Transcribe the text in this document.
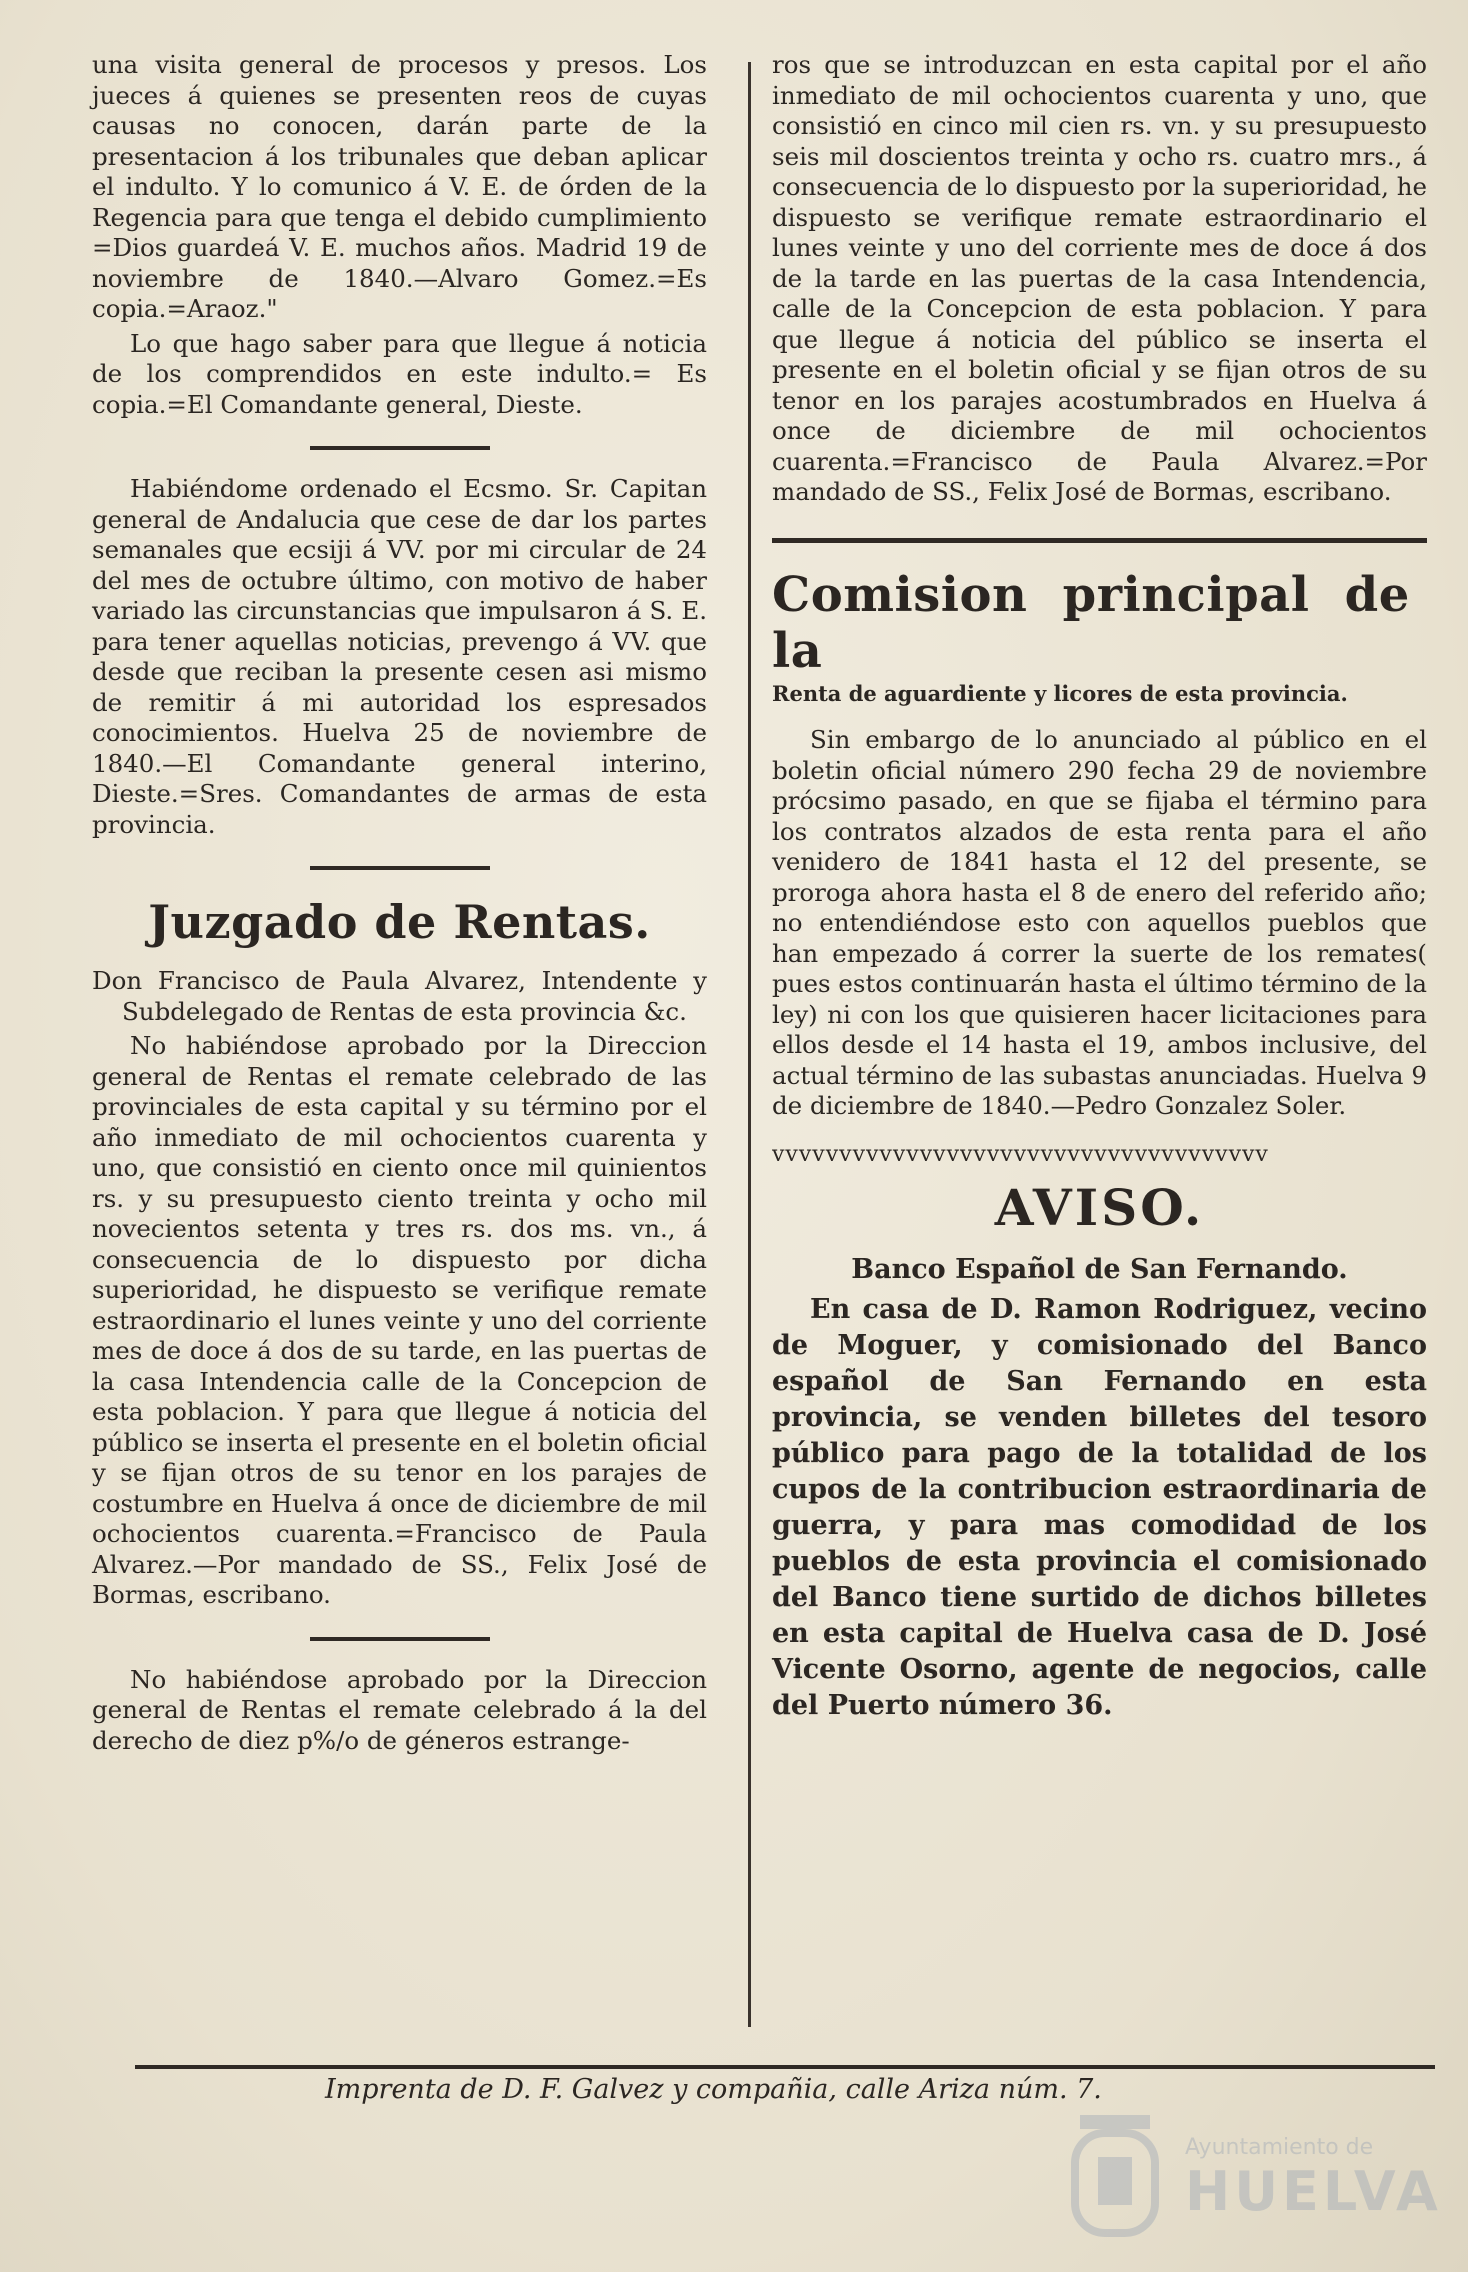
una visita general de procesos y presos. Los jueces á quienes se presenten reos de cuyas causas no conocen, darán parte de la presentacion á los tribunales que deban aplicar el indulto. Y lo comunico á V. E. de órden de la Regencia para que tenga el debido cumplimiento =Dios guardeá V. E. muchos años. Madrid 19 de noviembre de 1840.—Alvaro Gomez.=Es copia.=Araoz."

Lo que hago saber para que llegue á noticia de los comprendidos en este indulto.= Es copia.=El Comandante general, Dieste.

Habiéndome ordenado el Ecsmo. Sr. Capitan general de Andalucia que cese de dar los partes semanales que ecsiji á VV. por mi circular de 24 del mes de octubre último, con motivo de haber variado las circunstancias que impulsaron á S. E. para tener aquellas noticias, prevengo á VV. que desde que reciban la presente cesen asi mismo de remitir á mi autoridad los espresados conocimientos. Huelva 25 de noviembre de 1840.—El Comandante general interino, Dieste.=Sres. Comandantes de armas de esta provincia.

Juzgado de Rentas.

Don Francisco de Paula Alvarez, Intendente y Subdelegado de Rentas de esta provincia &c.

No habiéndose aprobado por la Direccion general de Rentas el remate celebrado de las provinciales de esta capital y su término por el año inmediato de mil ochocientos cuarenta y uno, que consistió en ciento once mil quinientos rs. y su presupuesto ciento treinta y ocho mil novecientos setenta y tres rs. dos ms. vn., á consecuencia de lo dispuesto por dicha superioridad, he dispuesto se verifique remate estraordinario el lunes veinte y uno del corriente mes de doce á dos de su tarde, en las puertas de la casa Intendencia calle de la Concepcion de esta poblacion. Y para que llegue á noticia del público se inserta el presente en el boletin oficial y se fijan otros de su tenor en los parajes de costumbre en Huelva á once de diciembre de mil ochocientos cuarenta.=Francisco de Paula Alvarez.—Por mandado de SS., Felix José de Bormas, escribano.

No habiéndose aprobado por la Direccion general de Rentas el remate celebrado á la del derecho de diez p%/o de géneros estrange-

ros que se introduzcan en esta capital por el año inmediato de mil ochocientos cuarenta y uno, que consistió en cinco mil cien rs. vn. y su presupuesto seis mil doscientos treinta y ocho rs. cuatro mrs., á consecuencia de lo dispuesto por la superioridad, he dispuesto se verifique remate estraordinario el lunes veinte y uno del corriente mes de doce á dos de la tarde en las puertas de la casa Intendencia, calle de la Concepcion de esta poblacion. Y para que llegue á noticia del público se inserta el presente en el boletin oficial y se fijan otros de su tenor en los parajes acostumbrados en Huelva á once de diciembre de mil ochocientos cuarenta.=Francisco de Paula Alvarez.=Por mandado de SS., Felix José de Bormas, escribano.

Comision principal de la
Renta de aguardiente y licores de esta provincia.

Sin embargo de lo anunciado al público en el boletin oficial número 290 fecha 29 de noviembre prócsimo pasado, en que se fijaba el término para los contratos alzados de esta renta para el año venidero de 1841 hasta el 12 del presente, se proroga ahora hasta el 8 de enero del referido año; no entendiéndose esto con aquellos pueblos que han empezado á correr la suerte de los remates( pues estos continuarán hasta el último término de la ley) ni con los que quisieren hacer licitaciones para ellos desde el 14 hasta el 19, ambos inclusive, del actual término de las subastas anunciadas. Huelva 9 de diciembre de 1840.—Pedro Gonzalez Soler.

ᴠᴠᴠᴠᴠᴠᴠᴠᴠᴠᴠᴠᴠᴠᴠᴠᴠᴠᴠᴠᴠᴠᴠᴠᴠᴠᴠᴠᴠᴠᴠᴠᴠᴠᴠᴠᴠ
AVISO.

Banco Español de San Fernando.

En casa de D. Ramon Rodriguez, vecino de Moguer, y comisionado del Banco español de San Fernando en esta provincia, se venden billetes del tesoro público para pago de la totalidad de los cupos de la contribucion estraordinaria de guerra, y para mas comodidad de los pueblos de esta provincia el comisionado del Banco tiene surtido de dichos billetes en esta capital de Huelva casa de D. José Vicente Osorno, agente de negocios, calle del Puerto número 36.

Imprenta de D. F. Galvez y compañia, calle Ariza núm. 7.
Ayuntamiento de
HUELVA
